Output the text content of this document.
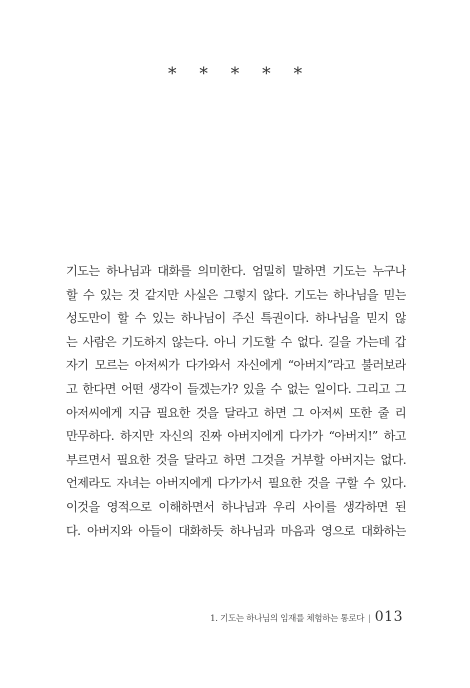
* * * * *
기도는 하나님과 대화를 의미한다. 엄밀히 말하면 기도는 누구나
할 수 있는 것 같지만 사실은 그렇지 않다. 기도는 하나님을 믿는
성도만이 할 수 있는 하나님이 주신 특권이다. 하나님을 믿지 않
는 사람은 기도하지 않는다. 아니 기도할 수 없다. 길을 가는데 갑
자기 모르는 아저씨가 다가와서 자신에게 “아버지”라고 불러보라
고 한다면 어떤 생각이 들겠는가? 있을 수 없는 일이다. 그리고 그
아저씨에게 지금 필요한 것을 달라고 하면 그 아저씨 또한 줄 리
만무하다. 하지만 자신의 진짜 아버지에게 다가가 “아버지!” 하고
부르면서 필요한 것을 달라고 하면 그것을 거부할 아버지는 없다.
언제라도 자녀는 아버지에게 다가가서 필요한 것을 구할 수 있다.
이것을 영적으로 이해하면서 하나님과 우리 사이를 생각하면 된
다. 아버지와 아들이 대화하듯 하나님과 마음과 영으로 대화하는
1. 기도는 하나님의 임재를 체험하는 통로다 | 013
